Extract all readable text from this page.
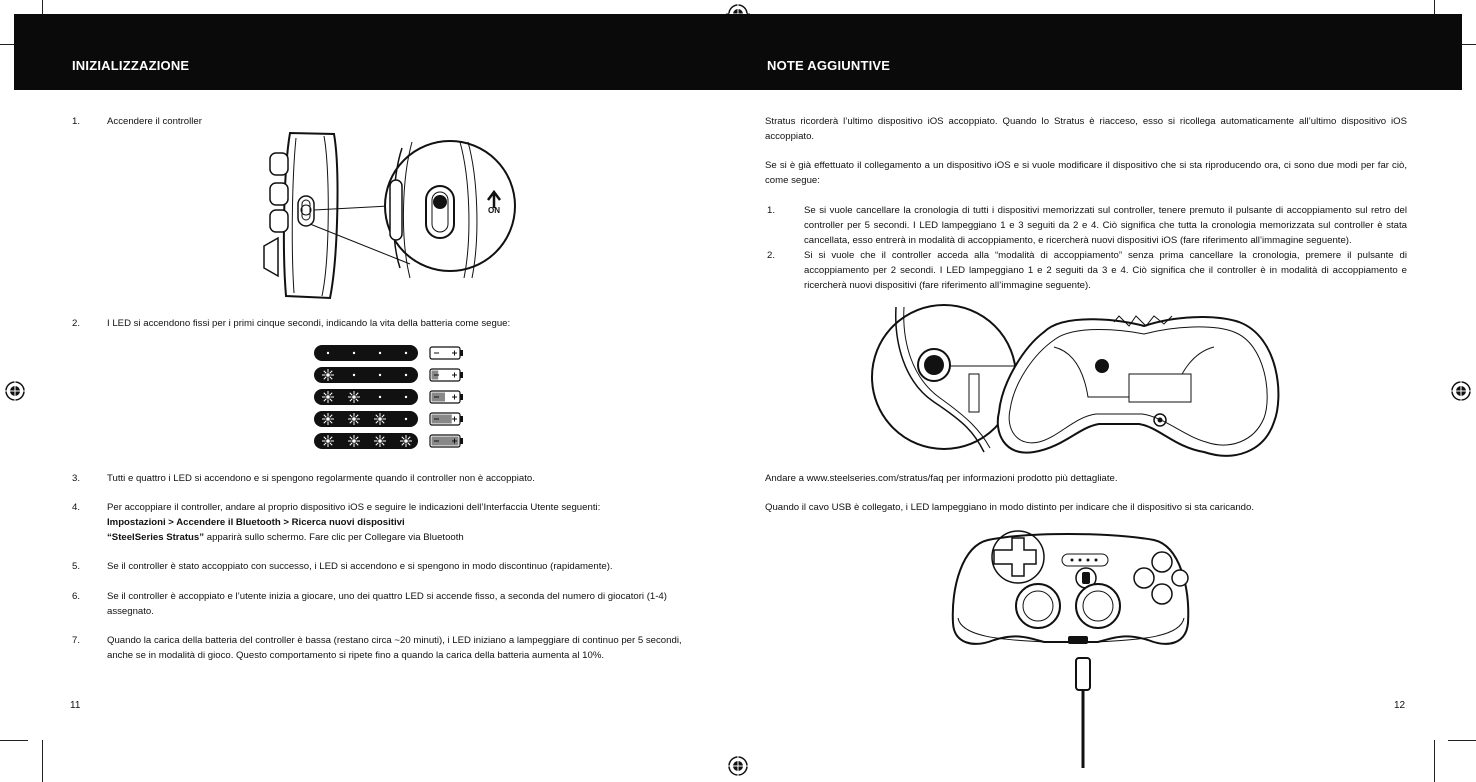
INIZIALIZZAZIONE
1.	Accendere il controller
ON
2.	I LED si accendono fissi per i primi cinque secondi, indicando la vita della batteria come segue:
3.	Tutti e quattro i LED si accendono e si spengono regolarmente quando il controller non è accoppiato.
4.	Per accoppiare il controller, andare al proprio dispositivo iOS e seguire le indicazioni dell’Interfaccia Utente seguenti:
Impostazioni > Accendere il Bluetooth > Ricerca nuovi dispositivi
“SteelSeries Stratus” apparirà sullo schermo. Fare clic per Collegare via Bluetooth
5.	Se il controller è stato accoppiato con successo, i LED si accendono e si spengono in modo discontinuo (rapidamente).
6.	Se il controller è accoppiato e l’utente inizia a giocare, uno dei quattro LED si accende fisso, a seconda del numero di giocatori (1-4)
assegnato.
7.	Quando la carica della batteria del controller è bassa (restano circa ~20 minuti), i LED iniziano a lampeggiare di continuo per 5 secondi,
anche se in modalità di gioco. Questo comportamento si ripete fino a quando la carica della batteria aumenta al 10%.
11
NOTE AGGIUNTIVE
Stratus ricorderà l’ultimo dispositivo iOS accoppiato. Quando lo Stratus è riacceso, esso si ricollega automaticamente all’ultimo dispositivo iOS accoppiato.
Se si è già effettuato il collegamento a un dispositivo iOS e si vuole modificare il dispositivo che si sta riproducendo ora, ci sono due modi per far ciò, come segue:
1.	Se si vuole cancellare la cronologia di tutti i dispositivi memorizzati sul controller, tenere premuto il pulsante di accoppiamento sul retro del controller per 5 secondi. I LED lampeggiano 1 e 3 seguiti da 2 e 4. Ciò significa che tutta la cronologia memorizzata sul controller è stata cancellata, esso entrerà in modalità di accoppiamento, e ricercherà nuovi dispositivi iOS (fare riferimento all’immagine seguente).
2.	Si si vuole che il controller acceda alla “modalità di accoppiamento” senza prima cancellare la cronologia, premere il pulsante di accoppiamento per 2 secondi. I LED lampeggiano 1 e 2 seguiti da 3 e 4. Ciò significa che il controller è in modalità di accoppiamento e ricercherà nuovi dispositivi (fare riferimento all’immagine seguente).
Andare a www.steelseries.com/stratus/faq per informazioni prodotto più dettagliate.
Quando il cavo USB è collegato, i LED lampeggiano in modo distinto per indicare che il dispositivo si sta caricando.
12
